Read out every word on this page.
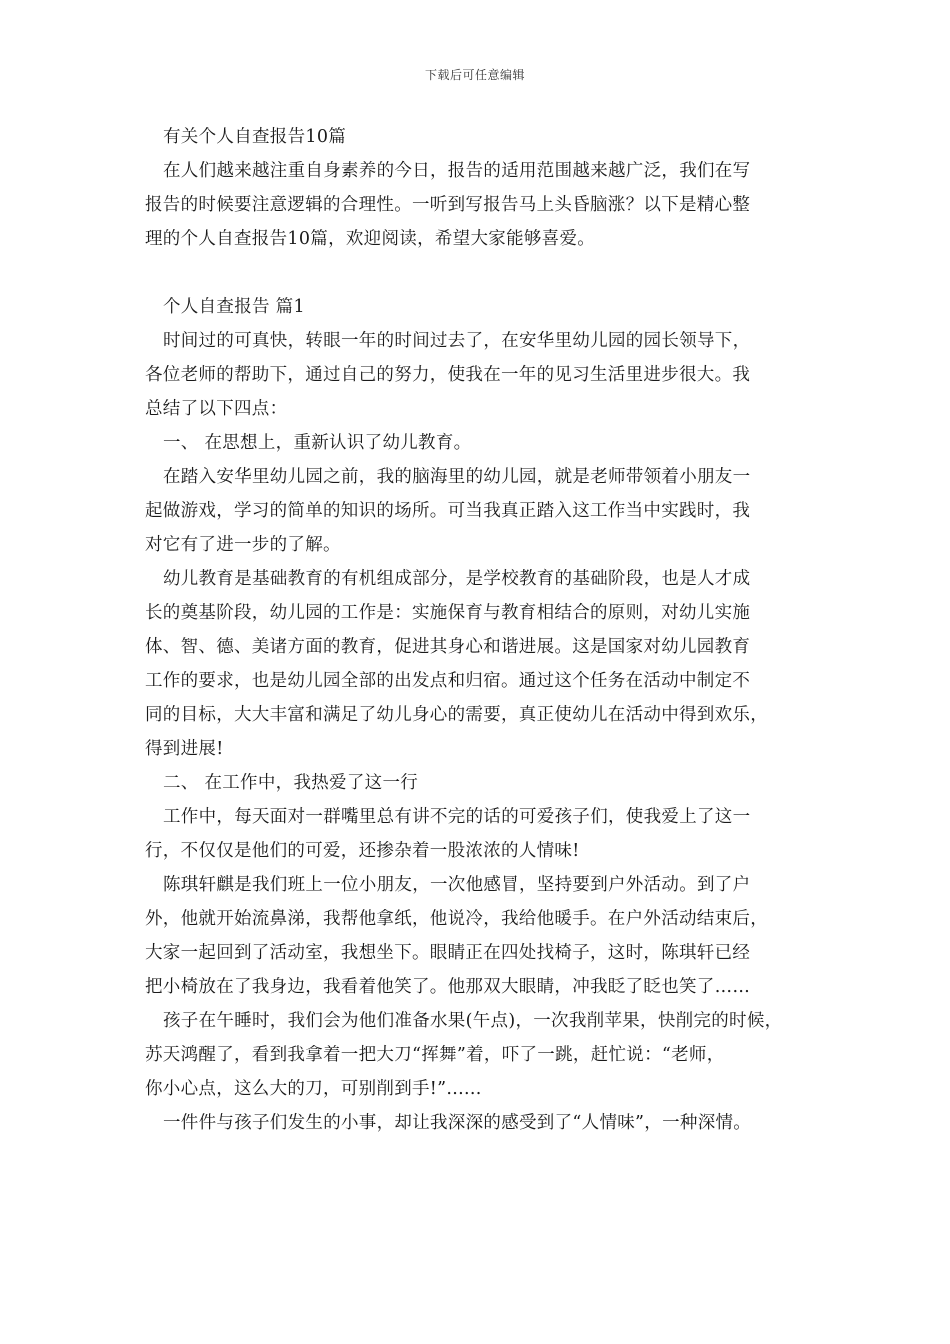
下载后可任意编辑
有关个人自查报告10篇
在人们越来越注重自身素养的今日，报告的适用范围越来越广泛，我们在写
报告的时候要注意逻辑的合理性。一听到写报告马上头昏脑涨？以下是精心整
理的个人自查报告10篇，欢迎阅读，希望大家能够喜爱。
个人自查报告 篇1
时间过的可真快，转眼一年的时间过去了，在安华里幼儿园的园长领导下，
各位老师的帮助下，通过自己的努力，使我在一年的见习生活里进步很大。我
总结了以下四点：
一、 在思想上，重新认识了幼儿教育。
在踏入安华里幼儿园之前，我的脑海里的幼儿园，就是老师带领着小朋友一
起做游戏，学习的简单的知识的场所。可当我真正踏入这工作当中实践时，我
对它有了进一步的了解。
幼儿教育是基础教育的有机组成部分，是学校教育的基础阶段，也是人才成
长的奠基阶段，幼儿园的工作是：实施保育与教育相结合的原则，对幼儿实施
体、智、德、美诸方面的教育，促进其身心和谐进展。这是国家对幼儿园教育
工作的要求，也是幼儿园全部的出发点和归宿。通过这个任务在活动中制定不
同的目标，大大丰富和满足了幼儿身心的需要，真正使幼儿在活动中得到欢乐，
得到进展!
二、 在工作中，我热爱了这一行
工作中，每天面对一群嘴里总有讲不完的话的可爱孩子们，使我爱上了这一
行，不仅仅是他们的可爱，还掺杂着一股浓浓的人情味!
陈琪轩麒是我们班上一位小朋友，一次他感冒，坚持要到户外活动。到了户
外，他就开始流鼻涕，我帮他拿纸，他说冷，我给他暖手。在户外活动结束后，
大家一起回到了活动室，我想坐下。眼睛正在四处找椅子，这时，陈琪轩已经
把小椅放在了我身边，我看着他笑了。他那双大眼睛，冲我眨了眨也笑了……
孩子在午睡时，我们会为他们准备水果(午点)，一次我削苹果，快削完的时候，
苏天鸿醒了，看到我拿着一把大刀“挥舞”着，吓了一跳，赶忙说：“老师，
你小心点，这么大的刀，可别削到手!”......
一件件与孩子们发生的小事，却让我深深的感受到了“人情味”，一种深情。
